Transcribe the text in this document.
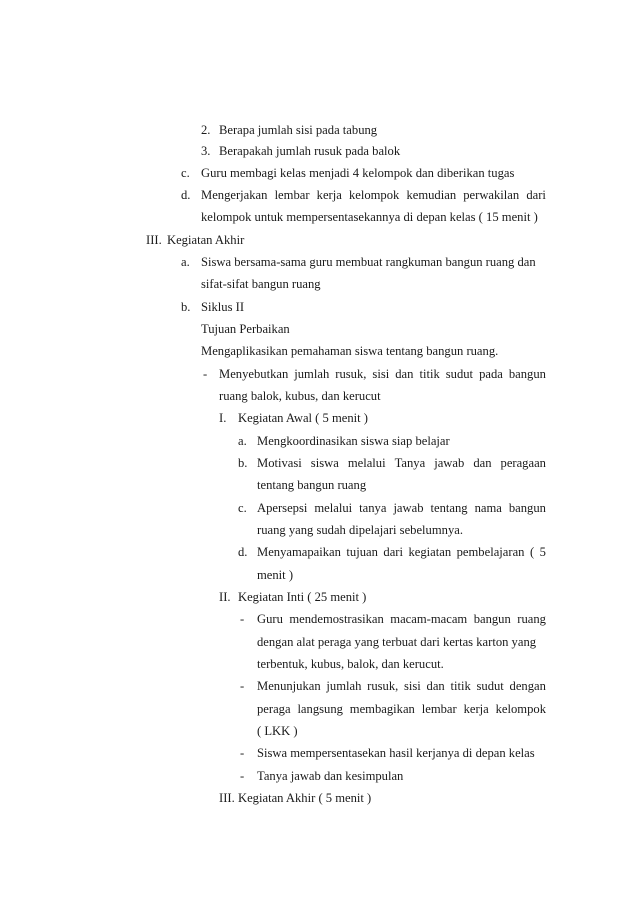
2. Berapa jumlah sisi pada tabung
3. Berapakah jumlah rusuk pada balok
c. Guru membagi kelas menjadi 4 kelompok dan diberikan tugas
d. Mengerjakan lembar kerja kelompok kemudian perwakilan dari
kelompok untuk mempersentasekannya di depan kelas ( 15 menit )
III. Kegiatan Akhir
a. Siswa bersama-sama guru membuat rangkuman bangun ruang dan
sifat-sifat bangun ruang
b. Siklus II
Tujuan Perbaikan
Mengaplikasikan pemahaman siswa tentang bangun ruang.
- Menyebutkan jumlah rusuk, sisi dan titik sudut pada bangun
ruang balok, kubus, dan kerucut
I. Kegiatan Awal ( 5 menit )
a. Mengkoordinasikan siswa siap belajar
b. Motivasi siswa melalui Tanya jawab dan peragaan
tentang bangun ruang
c. Apersepsi melalui tanya jawab tentang nama bangun
ruang yang sudah dipelajari sebelumnya.
d. Menyamapaikan tujuan dari kegiatan pembelajaran ( 5
menit )
II. Kegiatan Inti ( 25 menit )
- Guru mendemostrasikan macam-macam bangun ruang
dengan alat peraga yang terbuat dari kertas karton yang
terbentuk, kubus, balok, dan kerucut.
- Menunjukan jumlah rusuk, sisi dan titik sudut dengan
peraga langsung membagikan lembar kerja kelompok
( LKK )
- Siswa mempersentasekan hasil kerjanya di depan kelas
- Tanya jawab dan kesimpulan
III. Kegiatan Akhir ( 5 menit )
